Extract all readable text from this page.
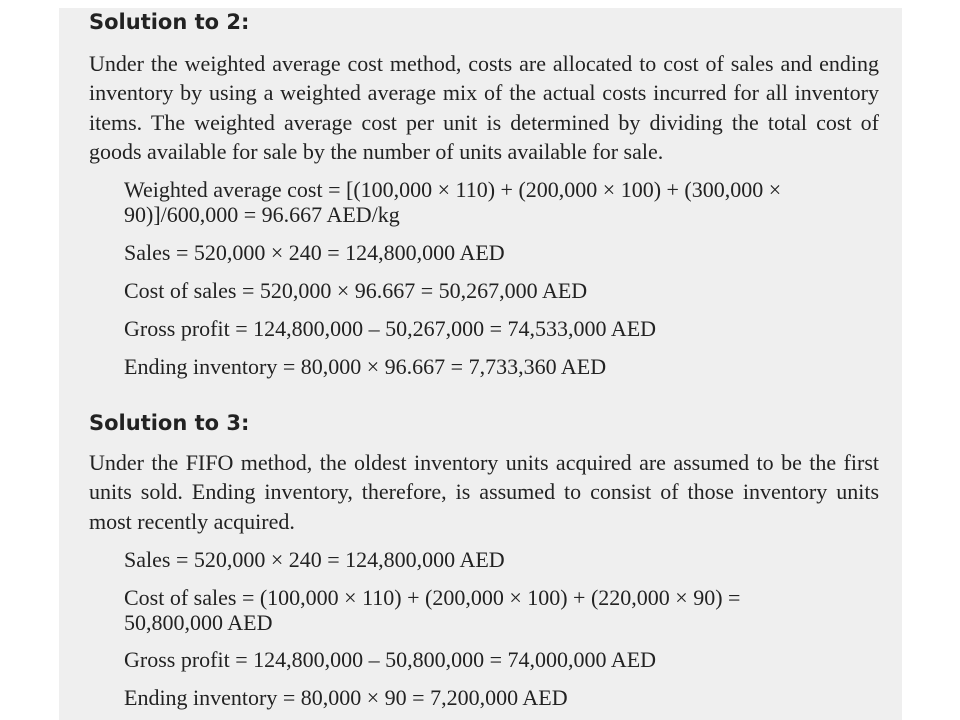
Solution to 2:
Under the weighted average cost method, costs are allocated to cost of sales and ending inventory by using a weighted average mix of the actual costs incurred for all inventory items. The weighted average cost per unit is determined by dividing the total cost of goods available for sale by the number of units available for sale.
Weighted average cost = [(100,000 × 110) + (200,000 × 100) + (300,000 ×
90)]/600,000 = 96.667 AED/kg
Sales = 520,000 × 240 = 124,800,000 AED
Cost of sales = 520,000 × 96.667 = 50,267,000 AED
Gross profit = 124,800,000 – 50,267,000 = 74,533,000 AED
Ending inventory = 80,000 × 96.667 = 7,733,360 AED
Solution to 3:
Under the FIFO method, the oldest inventory units acquired are assumed to be the first units sold. Ending inventory, therefore, is assumed to consist of those inventory units most recently acquired.
Sales = 520,000 × 240 = 124,800,000 AED
Cost of sales = (100,000 × 110) + (200,000 × 100) + (220,000 × 90) =
50,800,000 AED
Gross profit = 124,800,000 – 50,800,000 = 74,000,000 AED
Ending inventory = 80,000 × 90 = 7,200,000 AED
